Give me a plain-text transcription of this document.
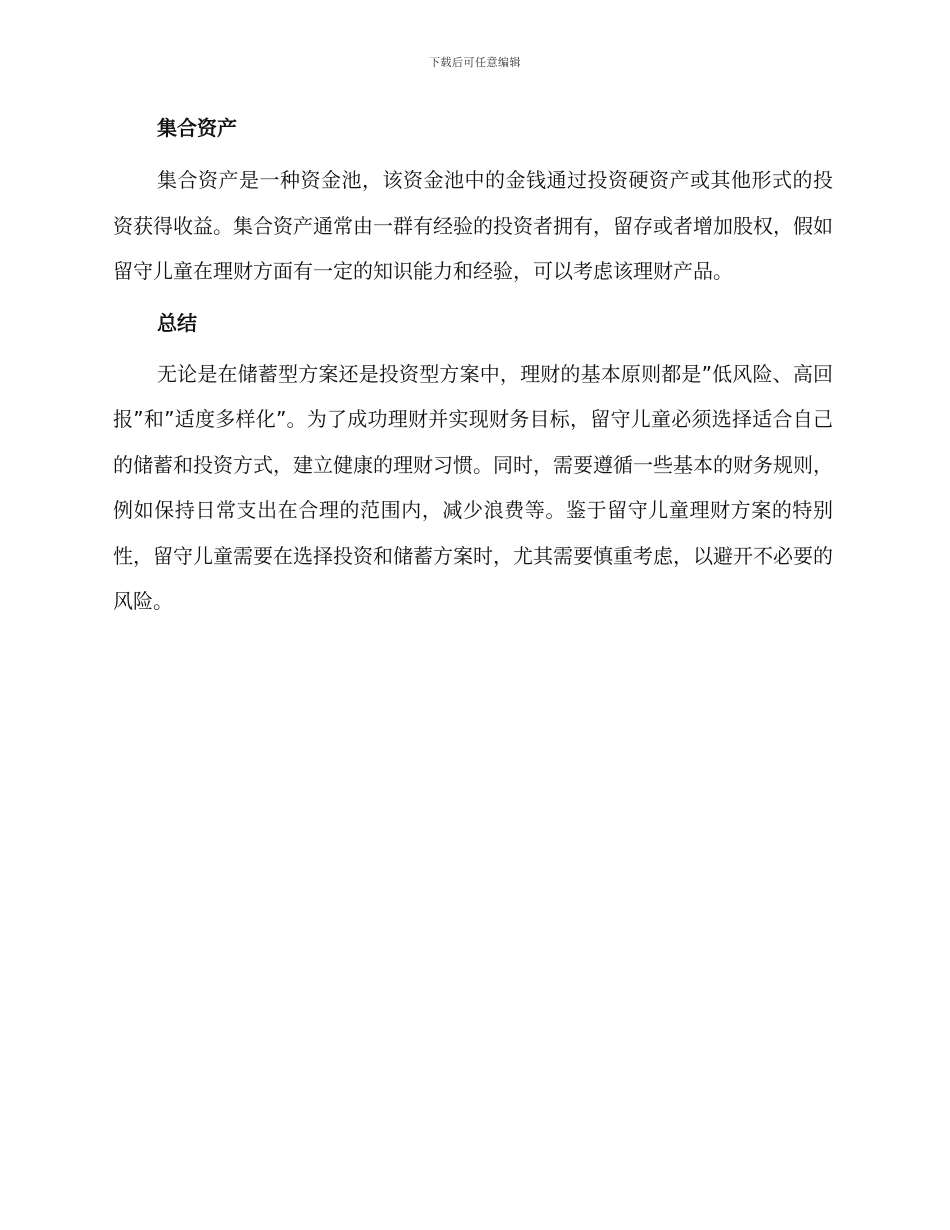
下载后可任意编辑
集合资产

集合资产是一种资金池，该资金池中的金钱通过投资硬资产或其他形式的投资获得收益。集合资产通常由一群有经验的投资者拥有，留存或者增加股权，假如留守儿童在理财方面有一定的知识能力和经验，可以考虑该理财产品。

总结

无论是在储蓄型方案还是投资型方案中，理财的基本原则都是”低风险、高回报”和”适度多样化”。为了成功理财并实现财务目标，留守儿童必须选择适合自己的储蓄和投资方式，建立健康的理财习惯。同时，需要遵循一些基本的财务规则，例如保持日常支出在合理的范围内，减少浪费等。鉴于留守儿童理财方案的特别性，留守儿童需要在选择投资和储蓄方案时，尤其需要慎重考虑，以避开不必要的风险。
